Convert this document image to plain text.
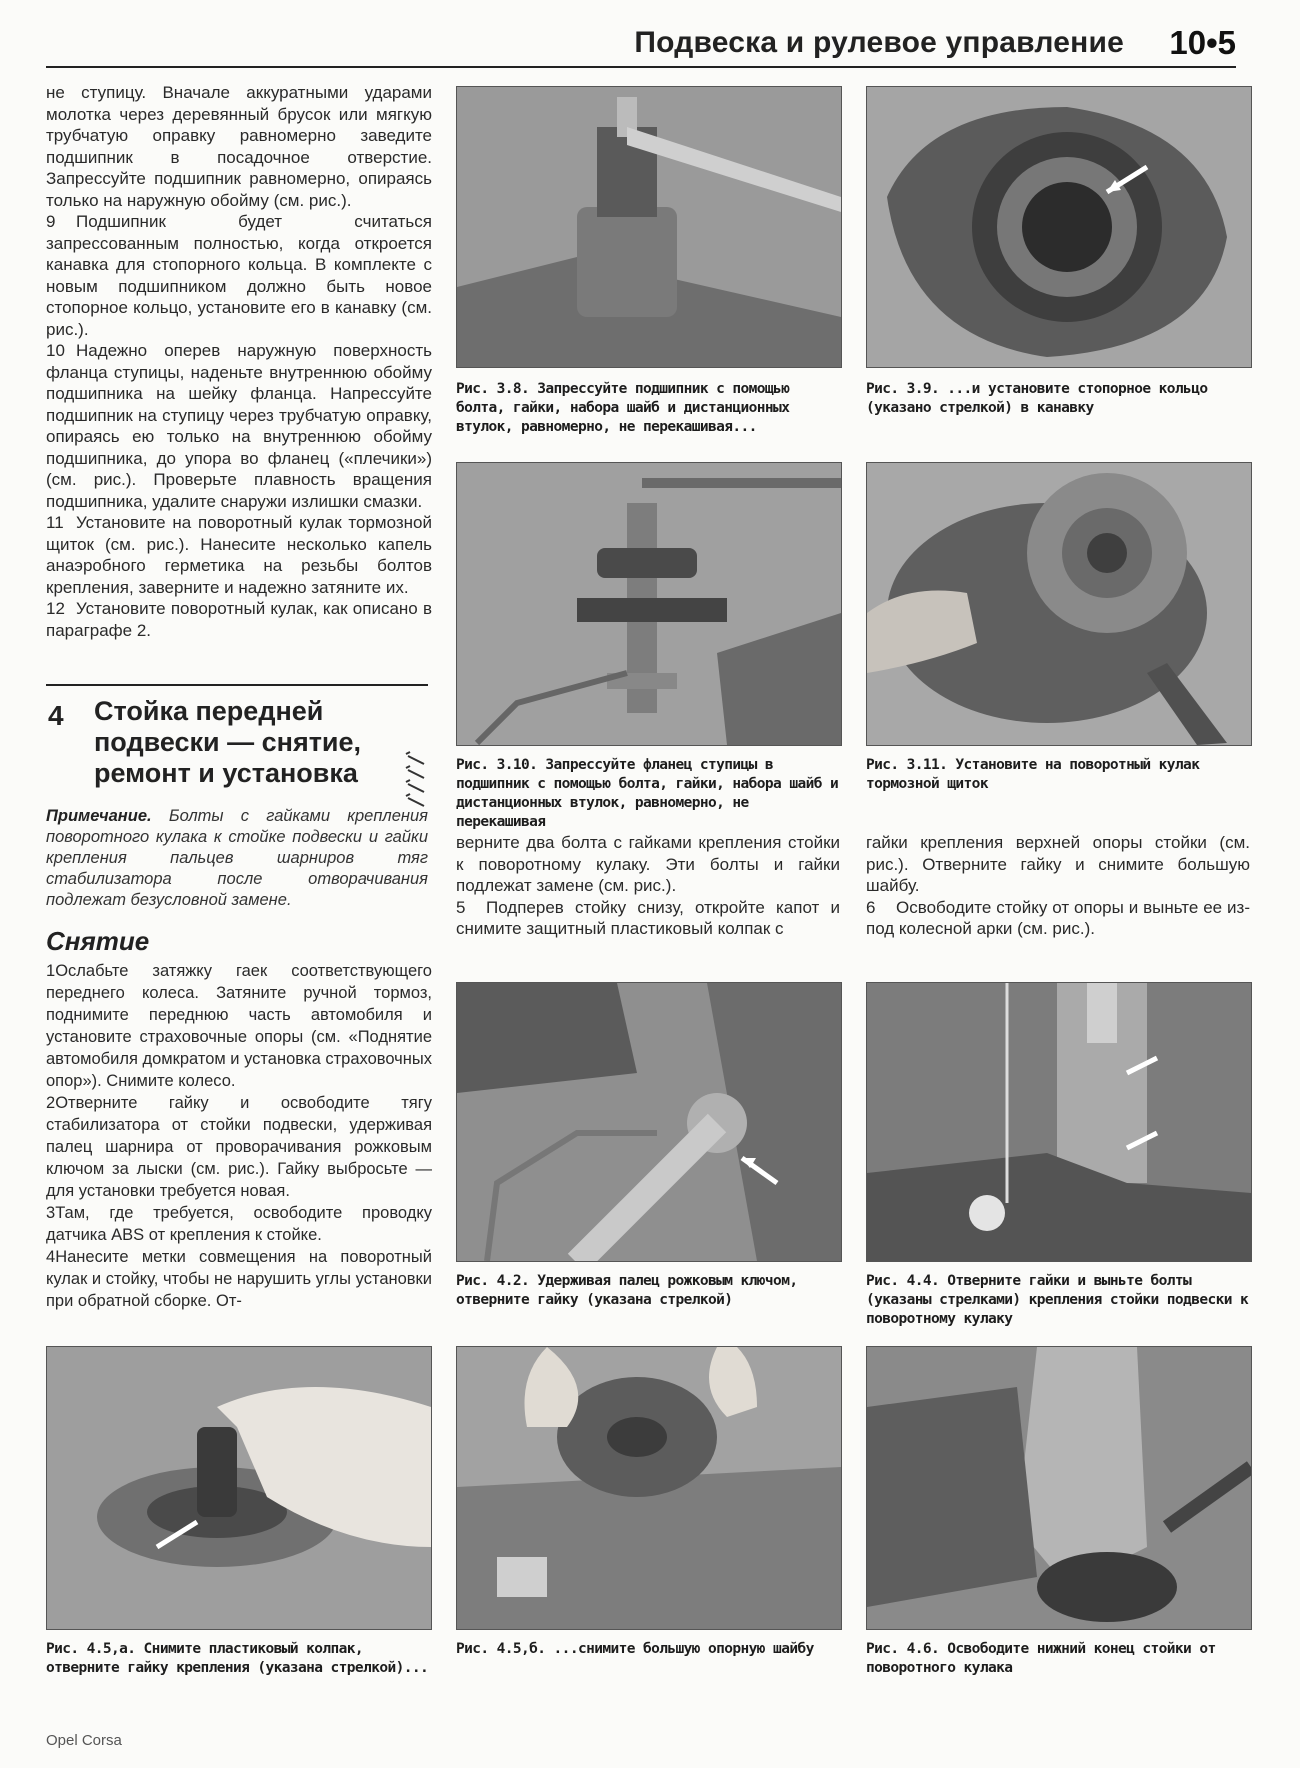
Подвеска и рулевое управление 10•5

не ступицу. Вначале аккуратными ударами молотка через деревянный брусок или мягкую трубчатую оправку равномерно заведите подшипник в посадочное отверстие. Запрессуйте подшипник равномерно, опираясь только на наружную обойму (см. рис.).

9 Подшипник будет считаться запрессованным полностью, когда откроется канавка для стопорного кольца. В комплекте с новым подшипником должно быть новое стопорное кольцо, установите его в канавку (см. рис.).

10 Надежно оперев наружную поверхность фланца ступицы, наденьте внутреннюю обойму подшипника на шейку фланца. Напрессуйте подшипник на ступицу через трубчатую оправку, опираясь ею только на внутреннюю обойму подшипника, до упора во фланец («плечики») (см. рис.). Проверьте плавность вращения подшипника, удалите снаружи излишки смазки.

11 Установите на поворотный кулак тормозной щиток (см. рис.). Нанесите несколько капель анаэробного герметика на резьбы болтов крепления, заверните и надежно затяните их.

12 Установите поворотный кулак, как описано в параграфе 2.

4 Стойка передней
подвески — снятие,
ремонт и установка
Примечание. Болты с гайками крепления поворотного кулака к стойке подвески и гайки крепления пальцев шарниров тяг стабилизатора после отворачивания подлежат безусловной замене.
Снятие

1Ослабьте затяжку гаек соответствующего переднего колеса. Затяните ручной тормоз, поднимите переднюю часть автомобиля и установите страховочные опоры (см. «Поднятие автомобиля домкратом и установка страховочных опор»). Снимите колесо.

2Отверните гайку и освободите тягу стабилизатора от стойки подвески, удерживая палец шарнира от проворачивания рожковым ключом за лыски (см. рис.). Гайку выбросьте — для установки требуется новая.

3Там, где требуется, освободите проводку датчика ABS от крепления к стойке.

4Нанесите метки совмещения на поворотный кулак и стойку, чтобы не нарушить углы установки при обратной сборке. От-

верните два болта с гайками крепления стойки к поворотному кулаку. Эти болты и гайки подлежат замене (см. рис.).

5 Подперев стойку снизу, откройте капот и снимите защитный пластиковый колпак с

гайки крепления верхней опоры стойки (см. рис.). Отверните гайку и снимите большую шайбу.

6 Освободите стойку от опоры и выньте ее из-под колесной арки (см. рис.).

Рис. 3.8. Запрессуйте подшипник с помощью болта, гайки, набора шайб и дистанционных втулок, равномерно, не перекашивая...
Рис. 3.9. ...и установите стопорное кольцо (указано стрелкой) в канавку
Рис. 3.10. Запрессуйте фланец ступицы в подшипник с помощью болта, гайки, набора шайб и дистанционных втулок, равномерно, не перекашивая
Рис. 3.11. Установите на поворотный кулак тормозной щиток
Рис. 4.2. Удерживая палец рожковым ключом, отверните гайку (указана стрелкой)
Рис. 4.4. Отверните гайки и выньте болты (указаны стрелками) крепления стойки подвески к поворотному кулаку
Рис. 4.5,а. Снимите пластиковый колпак, отверните гайку крепления (указана стрелкой)...
Рис. 4.5,б. ...снимите большую опорную шайбу	Рис. 4.6. Освободите нижний конец стойки от поворотного кулака
Opel Corsa
